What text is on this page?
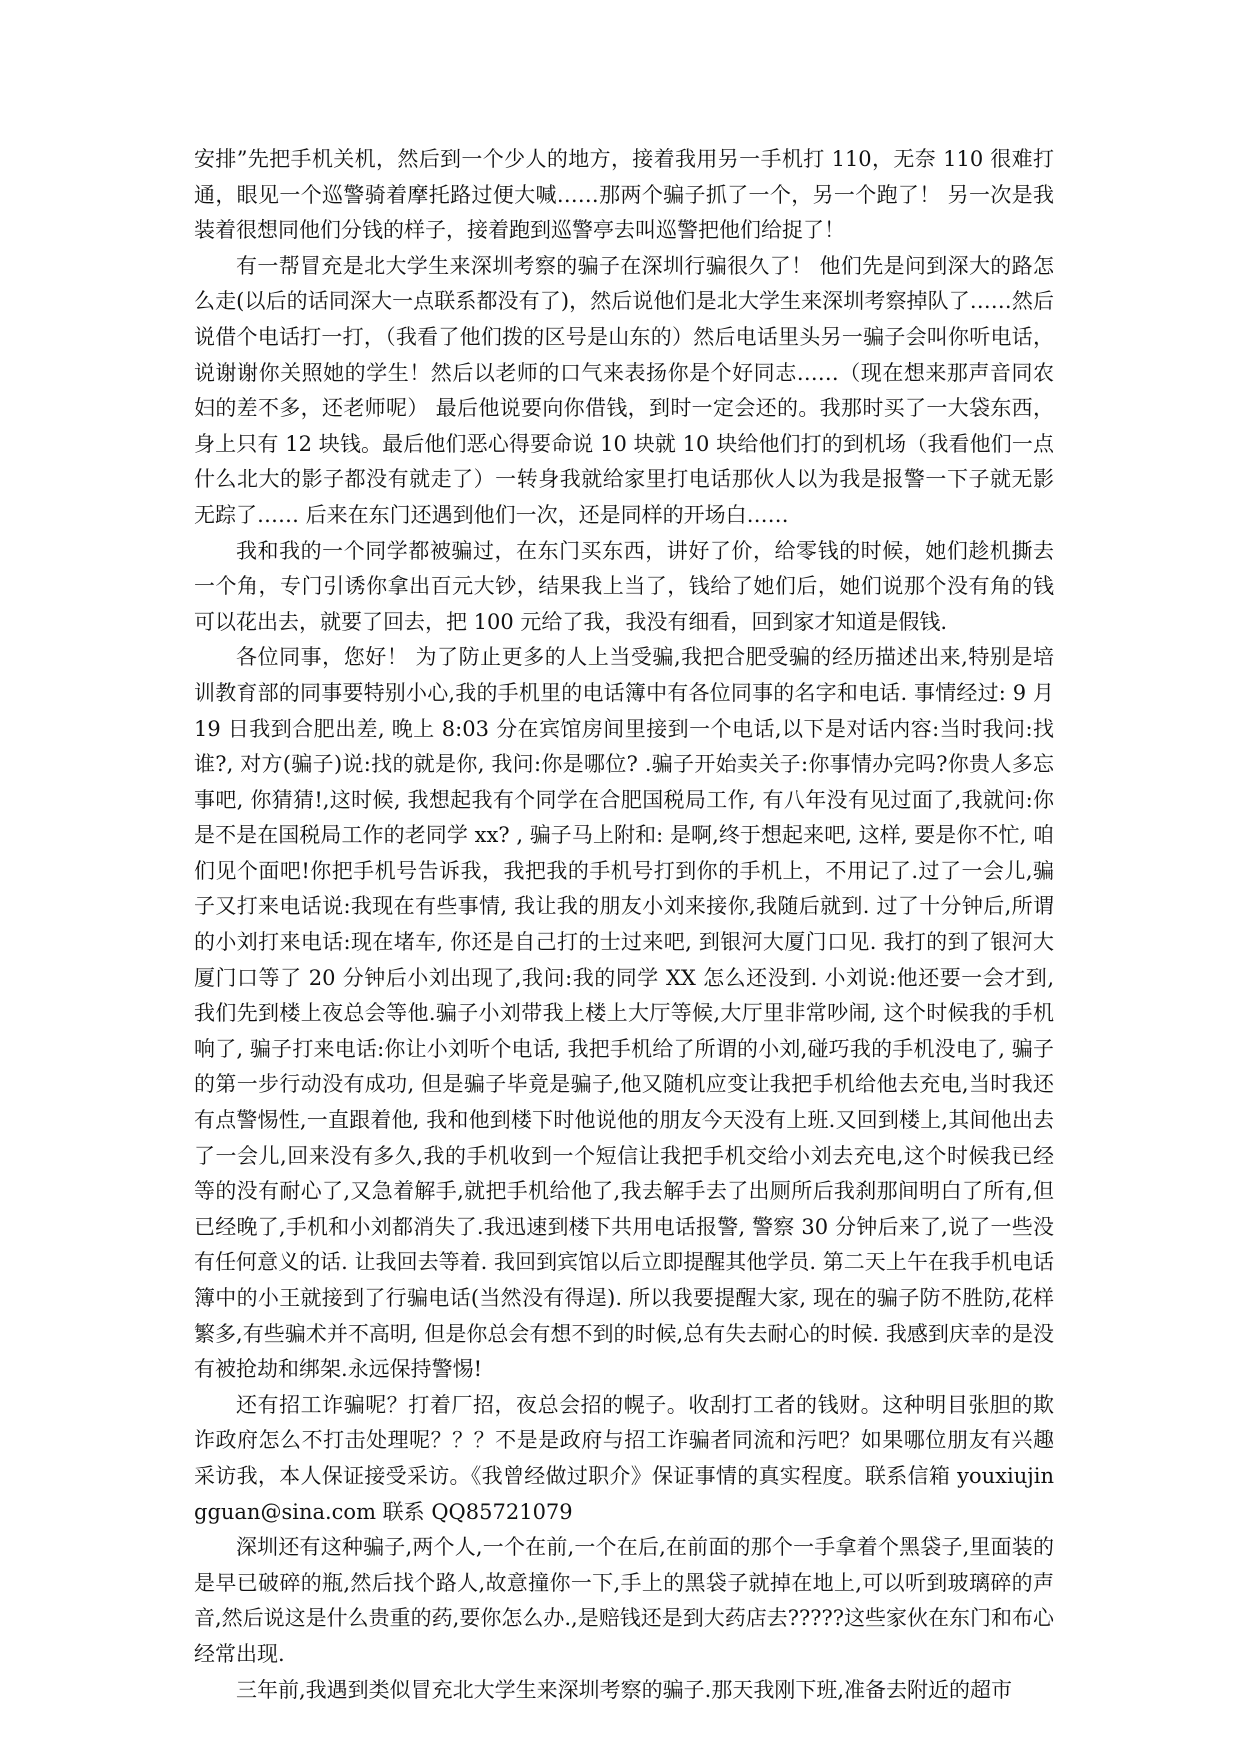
安排”先把手机关机，然后到一个少人的地方，接着我用另一手机打 110，无奈 110 很难打通，眼见一个巡警骑着摩托路过便大喊……那两个骗子抓了一个，另一个跑了！ 另一次是我装着很想同他们分钱的样子，接着跑到巡警亭去叫巡警把他们给捉了！

有一帮冒充是北大学生来深圳考察的骗子在深圳行骗很久了！ 他们先是问到深大的路怎么走(以后的话同深大一点联系都没有了)，然后说他们是北大学生来深圳考察掉队了……然后说借个电话打一打，（我看了他们拨的区号是山东的）然后电话里头另一骗子会叫你听电话，说谢谢你关照她的学生！然后以老师的口气来表扬你是个好同志……（现在想来那声音同农妇的差不多，还老师呢） 最后他说要向你借钱，到时一定会还的。我那时买了一大袋东西，身上只有 12 块钱。最后他们恶心得要命说 10 块就 10 块给他们打的到机场（我看他们一点什么北大的影子都没有就走了）一转身我就给家里打电话那伙人以为我是报警一下子就无影无踪了…… 后来在东门还遇到他们一次，还是同样的开场白……

我和我的一个同学都被骗过，在东门买东西，讲好了价，给零钱的时候，她们趁机撕去一个角，专门引诱你拿出百元大钞，结果我上当了，钱给了她们后，她们说那个没有角的钱可以花出去，就要了回去，把 100 元给了我，我没有细看，回到家才知道是假钱.

各位同事，您好！ 为了防止更多的人上当受骗,我把合肥受骗的经历描述出来,特别是培训教育部的同事要特别小心,我的手机里的电话簿中有各位同事的名字和电话. 事情经过: 9 月 19 日我到合肥出差, 晚上 8:03 分在宾馆房间里接到一个电话,以下是对话内容:当时我问:找谁?, 对方(骗子)说:找的就是你, 我问:你是哪位? .骗子开始卖关子:你事情办完吗?你贵人多忘事吧, 你猜猜!,这时候, 我想起我有个同学在合肥国税局工作, 有八年没有见过面了,我就问:你是不是在国税局工作的老同学 xx? , 骗子马上附和: 是啊,终于想起来吧, 这样, 要是你不忙, 咱们见个面吧!你把手机号告诉我，我把我的手机号打到你的手机上，不用记了.过了一会儿,骗子又打来电话说:我现在有些事情, 我让我的朋友小刘来接你,我随后就到. 过了十分钟后,所谓的小刘打来电话:现在堵车, 你还是自己打的士过来吧, 到银河大厦门口见. 我打的到了银河大厦门口等了 20 分钟后小刘出现了,我问:我的同学 XX 怎么还没到. 小刘说:他还要一会才到, 我们先到楼上夜总会等他.骗子小刘带我上楼上大厅等候,大厅里非常吵闹, 这个时候我的手机响了, 骗子打来电话:你让小刘听个电话, 我把手机给了所谓的小刘,碰巧我的手机没电了, 骗子的第一步行动没有成功, 但是骗子毕竟是骗子,他又随机应变让我把手机给他去充电,当时我还有点警惕性,一直跟着他, 我和他到楼下时他说他的朋友今天没有上班.又回到楼上,其间他出去了一会儿,回来没有多久,我的手机收到一个短信让我把手机交给小刘去充电,这个时候我已经等的没有耐心了,又急着解手,就把手机给他了,我去解手去了出厕所后我刹那间明白了所有,但已经晚了,手机和小刘都消失了.我迅速到楼下共用电话报警, 警察 30 分钟后来了,说了一些没有任何意义的话. 让我回去等着. 我回到宾馆以后立即提醒其他学员. 第二天上午在我手机电话簿中的小王就接到了行骗电话(当然没有得逞). 所以我要提醒大家, 现在的骗子防不胜防,花样繁多,有些骗术并不高明, 但是你总会有想不到的时候,总有失去耐心的时候. 我感到庆幸的是没有被抢劫和绑架.永远保持警惕!

还有招工诈骗呢？打着厂招，夜总会招的幌子。收刮打工者的钱财。这种明目张胆的欺诈政府怎么不打击处理呢？？？不是是政府与招工诈骗者同流和污吧？如果哪位朋友有兴趣采访我，本人保证接受采访。《我曾经做过职介》保证事情的真实程度。联系信箱 youxiujingguan@sina.com 联系 QQ85721079

深圳还有这种骗子,两个人,一个在前,一个在后,在前面的那个一手拿着个黑袋子,里面装的是早已破碎的瓶,然后找个路人,故意撞你一下,手上的黑袋子就掉在地上,可以听到玻璃碎的声音,然后说这是什么贵重的药,要你怎么办.,是赔钱还是到大药店去?????这些家伙在东门和布心经常出现.

三年前,我遇到类似冒充北大学生来深圳考察的骗子.那天我刚下班,准备去附近的超市
